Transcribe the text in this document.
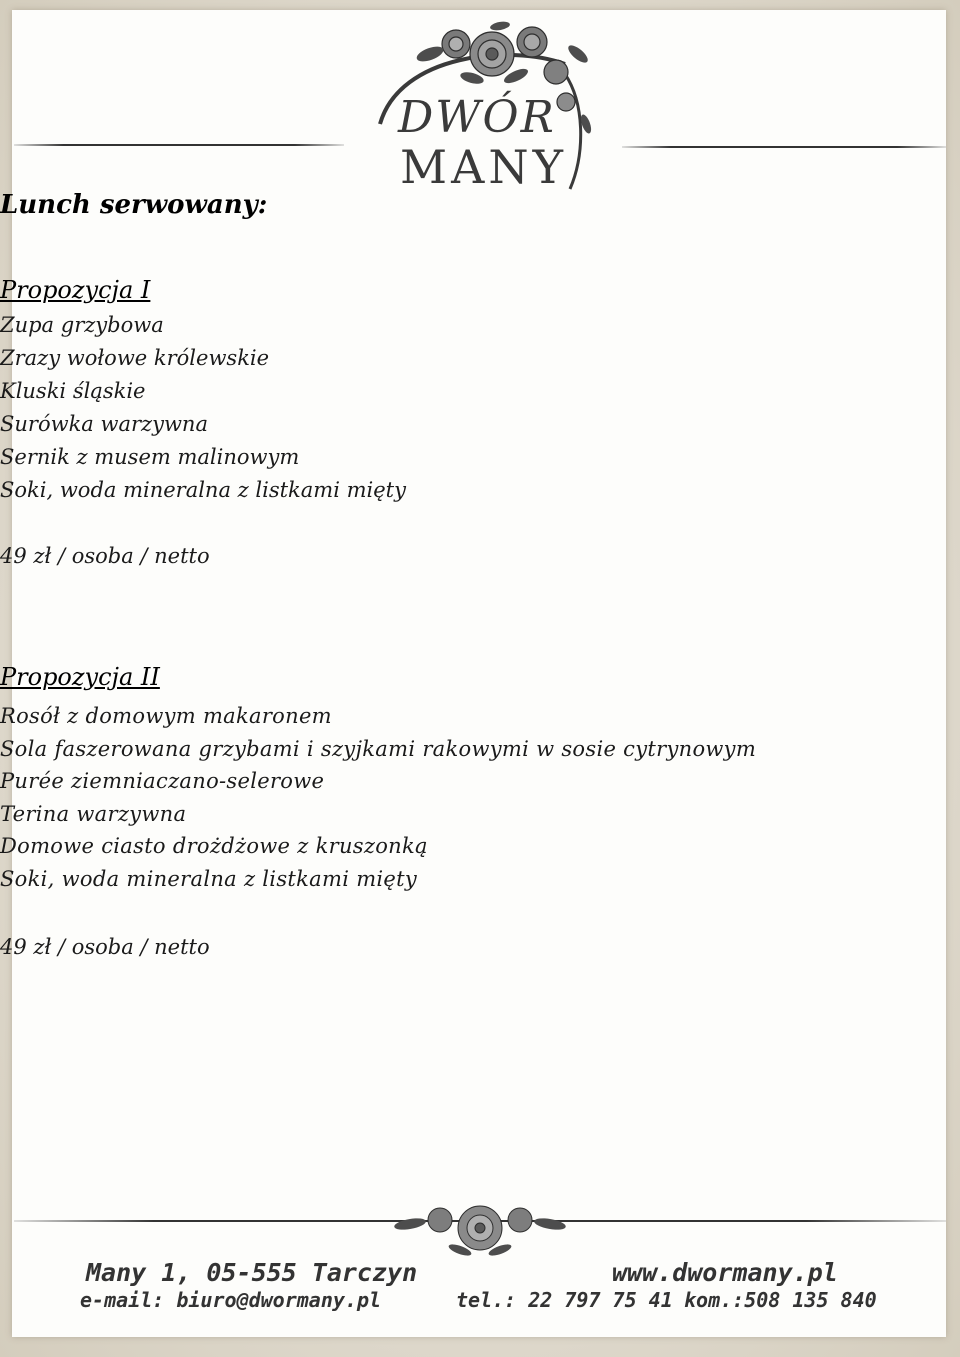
DWÓR
MANY
Lunch serwowany:
Propozycja I
Zupa grzybowa
Zrazy wołowe królewskie
Kluski śląskie
Surówka warzywna
Sernik z musem malinowym
Soki, woda mineralna z listkami mięty
49 zł / osoba / netto
Propozycja II
Rosół z domowym makaronem
Sola faszerowana grzybami i szyjkami rakowymi w sosie cytrynowym
Purée ziemniaczano-selerowe
Terina warzywna
Domowe ciasto drożdżowe z kruszonką
Soki, woda mineralna z listkami mięty
49 zł / osoba / netto
Many 1, 05-555 Tarczyn	www.dwormany.pl
e-mail: biuro@dwormany.pl	tel.: 22 797 75 41 kom.:508 135 840
